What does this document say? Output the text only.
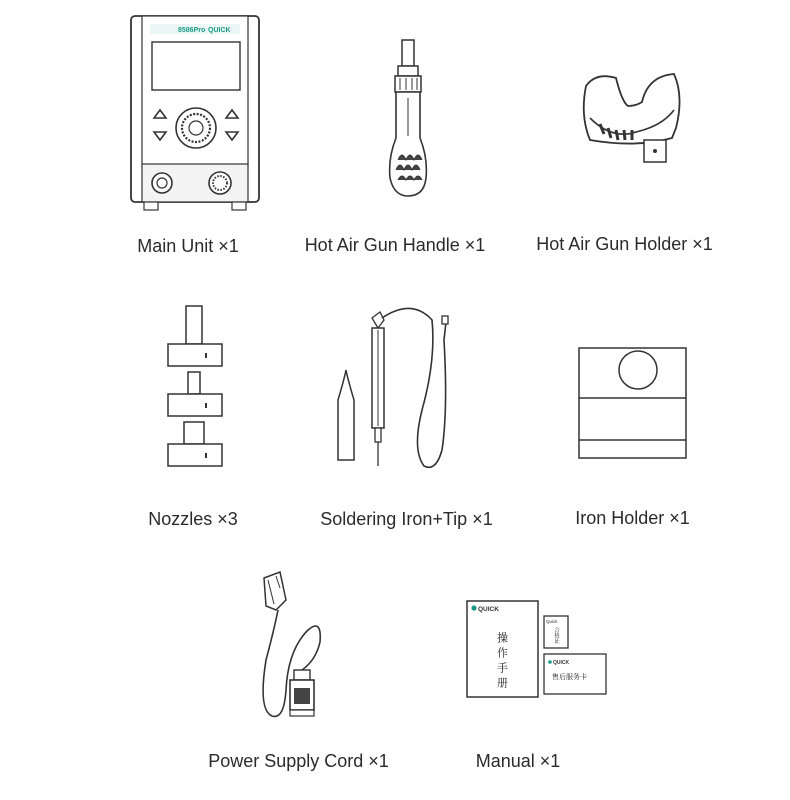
8586Pro QUICK
Main Unit ×1	Hot Air Gun Handle ×1	Hot Air Gun Holder ×1
Nozzles ×3	Soldering Iron+Tip ×1	Iron Holder ×1
Power Supply Cord ×1
QUICK
操作手册
Quick
合格证
QUICK
售后服务卡
Manual ×1
